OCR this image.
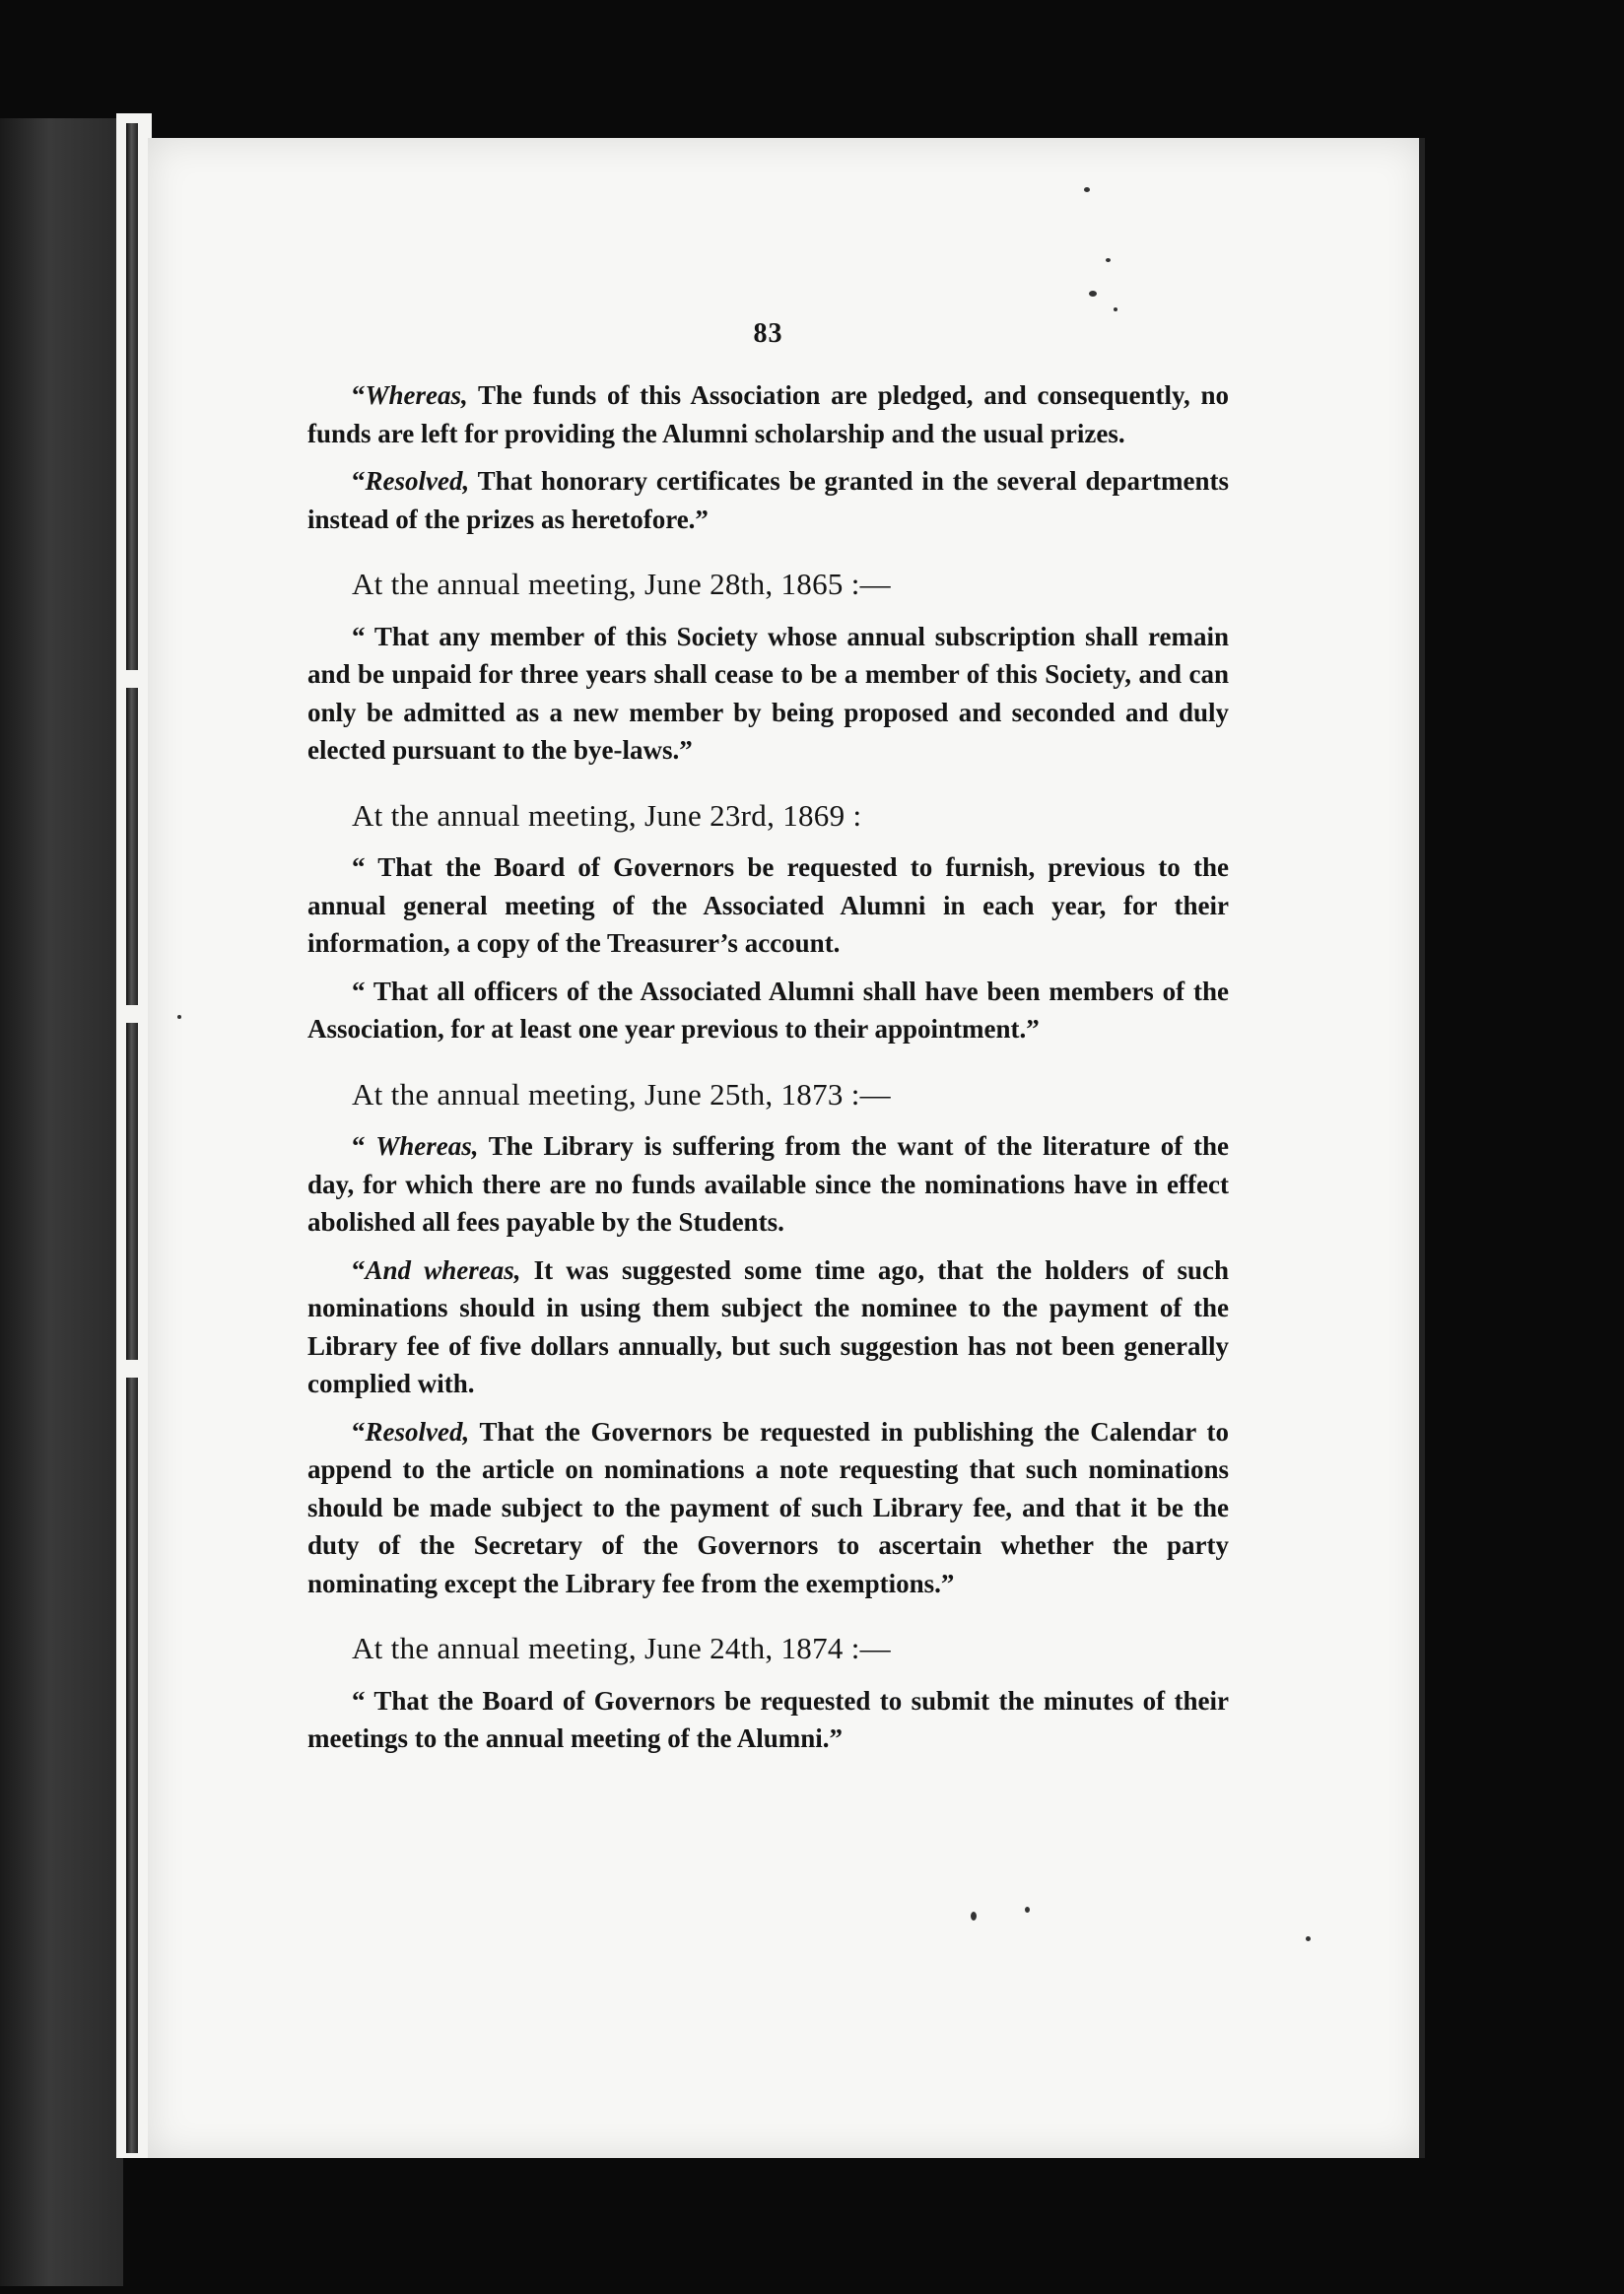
83
“Whereas, The funds of this Association are pledged, and consequently, no funds are left for providing the Alumni scholarship and the usual prizes.
“Resolved, That honorary certificates be granted in the several departments instead of the prizes as heretofore.”
At the annual meeting, June 28th, 1865 :—
“ That any member of this Society whose annual subscription shall remain and be unpaid for three years shall cease to be a member of this Society, and can only be admitted as a new member by being proposed and seconded and duly elected pursuant to the bye-laws.”
At the annual meeting, June 23rd, 1869 :
“ That the Board of Governors be requested to furnish, previous to the annual general meeting of the Associated Alumni in each year, for their information, a copy of the Treasurer’s account.
“ That all officers of the Associated Alumni shall have been members of the Association, for at least one year previous to their appointment.”
At the annual meeting, June 25th, 1873 :—
“ Whereas, The Library is suffering from the want of the literature of the day, for which there are no funds available since the nominations have in effect abolished all fees payable by the Students.
“And whereas, It was suggested some time ago, that the holders of such nominations should in using them subject the nominee to the payment of the Library fee of five dollars annually, but such suggestion has not been generally complied with.
“Resolved, That the Governors be requested in publishing the Calendar to append to the article on nominations a note requesting that such nominations should be made subject to the payment of such Library fee, and that it be the duty of the Secretary of the Governors to ascertain whether the party nominating except the Library fee from the exemptions.”
At the annual meeting, June 24th, 1874 :—
“ That the Board of Governors be requested to submit the minutes of their meetings to the annual meeting of the Alumni.”
